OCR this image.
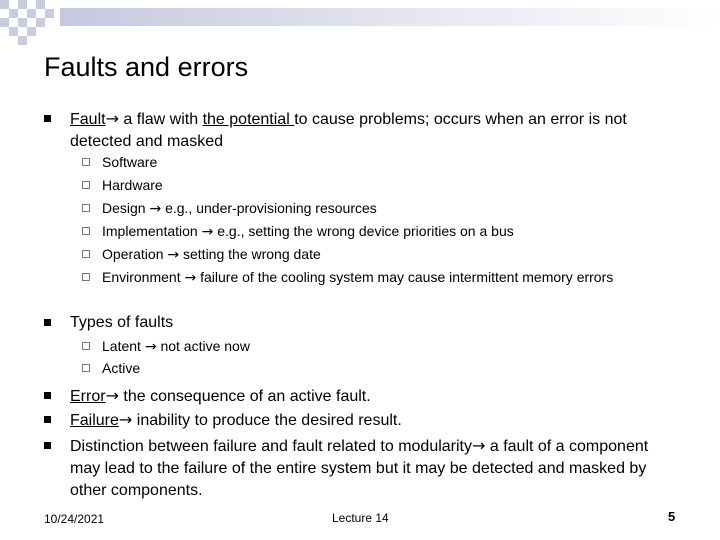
Faults and errors
Fault→ a flaw with the potential to cause problems; occurs when an error is not detected and masked
Software
Hardware
Design → e.g., under-provisioning resources
Implementation → e.g., setting the wrong device priorities on a bus
Operation → setting the wrong date
Environment → failure of the cooling system may cause intermittent memory errors
Types of faults
Latent → not active now
Active
Error→ the consequence of an active fault.
Failure→ inability to produce the desired result.
Distinction between failure and fault related to modularity→ a fault of a component may lead to the failure of the entire system but it may be detected and masked by other components.
10/24/2021	Lecture 14	5
